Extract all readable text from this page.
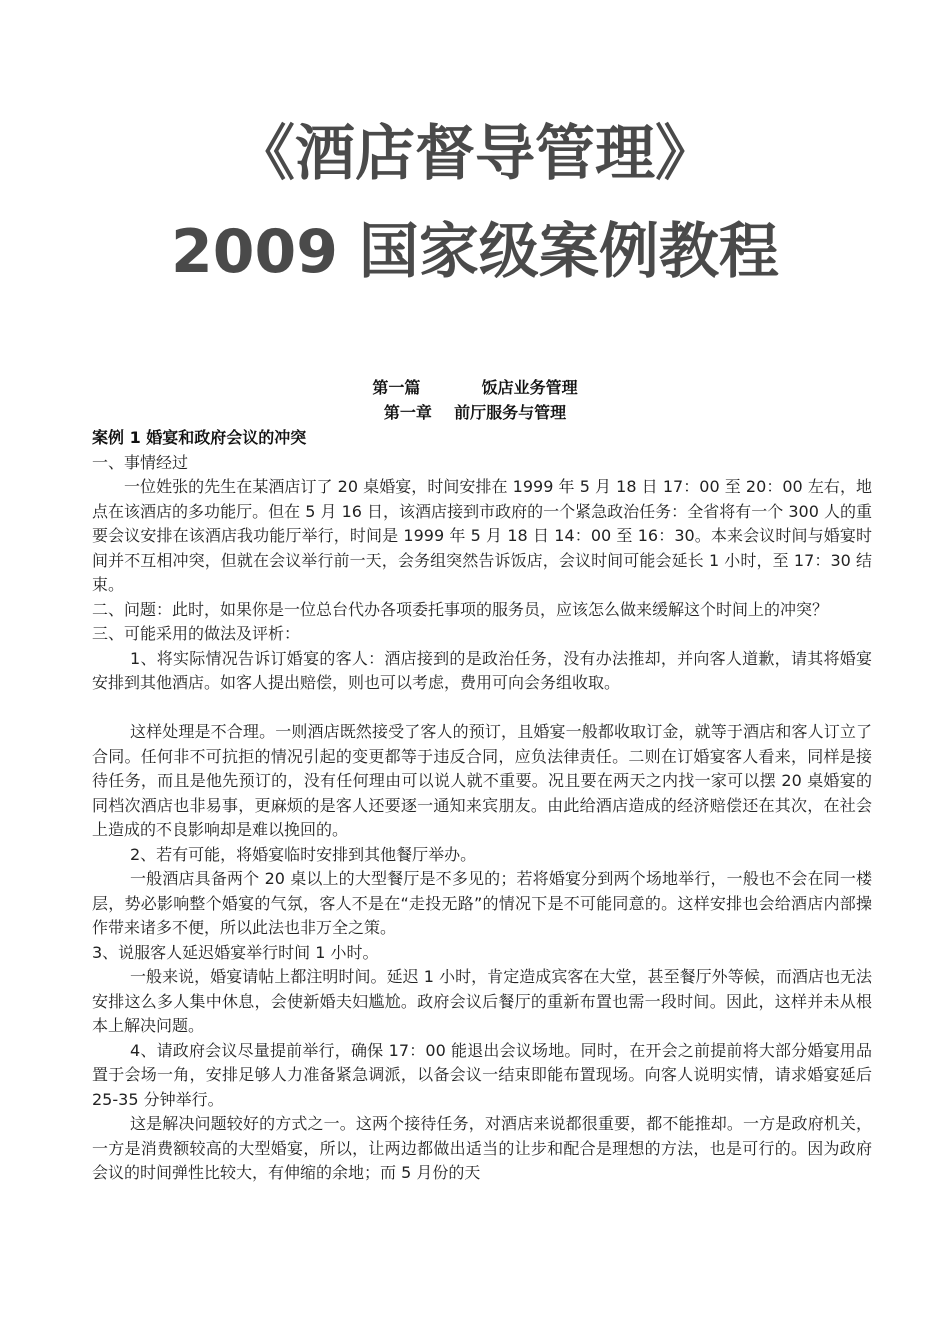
《酒店督导管理》
2009 国家级案例教程
第一篇           饭店业务管理
第一章    前厅服务与管理

案例 1 婚宴和政府会议的冲突

一、事情经过

一位姓张的先生在某酒店订了 20 桌婚宴，时间安排在 1999 年 5 月 18 日 17：00 至 20：00 左右，地点在该酒店的多功能厅。但在 5 月 16 日，该酒店接到市政府的一个紧急政治任务：全省将有一个 300 人的重要会议安排在该酒店我功能厅举行，时间是 1999 年 5 月 18 日 14：00 至 16：30。本来会议时间与婚宴时间并不互相冲突，但就在会议举行前一天，会务组突然告诉饭店，会议时间可能会延长 1 小时，至 17：30 结束。

二、问题：此时，如果你是一位总台代办各项委托事项的服务员，应该怎么做来缓解这个时间上的冲突？

三、可能采用的做法及评析：

1、将实际情况告诉订婚宴的客人：酒店接到的是政治任务，没有办法推却，并向客人道歉，请其将婚宴安排到其他酒店。如客人提出赔偿，则也可以考虑，费用可向会务组收取。

这样处理是不合理。一则酒店既然接受了客人的预订，且婚宴一般都收取订金，就等于酒店和客人订立了合同。任何非不可抗拒的情况引起的变更都等于违反合同，应负法律责任。二则在订婚宴客人看来，同样是接待任务，而且是他先预订的，没有任何理由可以说人就不重要。况且要在两天之内找一家可以摆 20 桌婚宴的同档次酒店也非易事，更麻烦的是客人还要逐一通知来宾朋友。由此给酒店造成的经济赔偿还在其次，在社会上造成的不良影响却是难以挽回的。

2、若有可能，将婚宴临时安排到其他餐厅举办。

一般酒店具备两个 20 桌以上的大型餐厅是不多见的；若将婚宴分到两个场地举行，一般也不会在同一楼层，势必影响整个婚宴的气氛，客人不是在“走投无路”的情况下是不可能同意的。这样安排也会给酒店内部操作带来诸多不便，所以此法也非万全之策。

3、说服客人延迟婚宴举行时间 1 小时。

一般来说，婚宴请帖上都注明时间。延迟 1 小时，肯定造成宾客在大堂，甚至餐厅外等候，而酒店也无法安排这么多人集中休息，会使新婚夫妇尴尬。政府会议后餐厅的重新布置也需一段时间。因此，这样并未从根本上解决问题。

4、请政府会议尽量提前举行，确保 17：00 能退出会议场地。同时，在开会之前提前将大部分婚宴用品置于会场一角，安排足够人力准备紧急调派，以备会议一结束即能布置现场。向客人说明实情，请求婚宴延后 25-35 分钟举行。

这是解决问题较好的方式之一。这两个接待任务，对酒店来说都很重要，都不能推却。一方是政府机关，一方是消费额较高的大型婚宴，所以，让两边都做出适当的让步和配合是理想的方法，也是可行的。因为政府会议的时间弹性比较大，有伸缩的余地；而 5 月份的天
